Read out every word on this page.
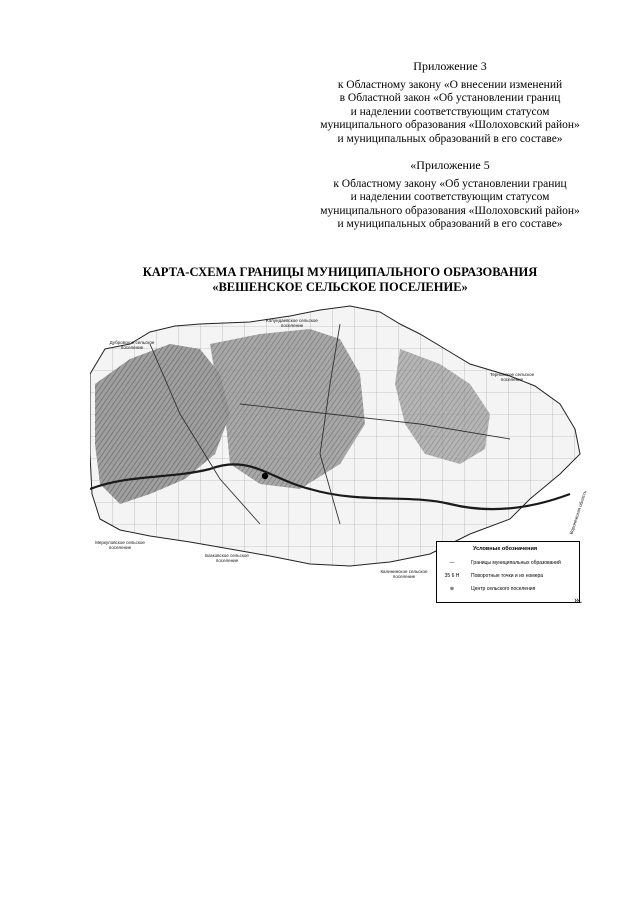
Приложение 3
к Областному закону «О внесении изменений
в Областной закон «Об установлении границ
и наделении соответствующим статусом
муниципального образования «Шолоховский район»
и муниципальных образований в его составе»
«Приложение 5
к Областному закону «Об установлении границ
и наделении соответствующим статусом
муниципального образования «Шолоховский район»
и муниципальных образований в его составе»
КАРТА-СХЕМА ГРАНИЦЫ МУНИЦИПАЛЬНОГО ОБРАЗОВАНИЯ
«ВЕШЕНСКОЕ СЕЛЬСКОЕ ПОСЕЛЕНИЕ»
Колундаевское сельское поселение
Дубровское сельское поселение
Терновское сельское поселение
Меркуловское сельское поселение
Базковское сельское поселение
Калининское сельское поселение
Воронежская область
Условные обозначения
—	Границы муниципальных образований
35 6 Н	Поворотные точки и их номера
⊛	Центр сельского поселения
».
